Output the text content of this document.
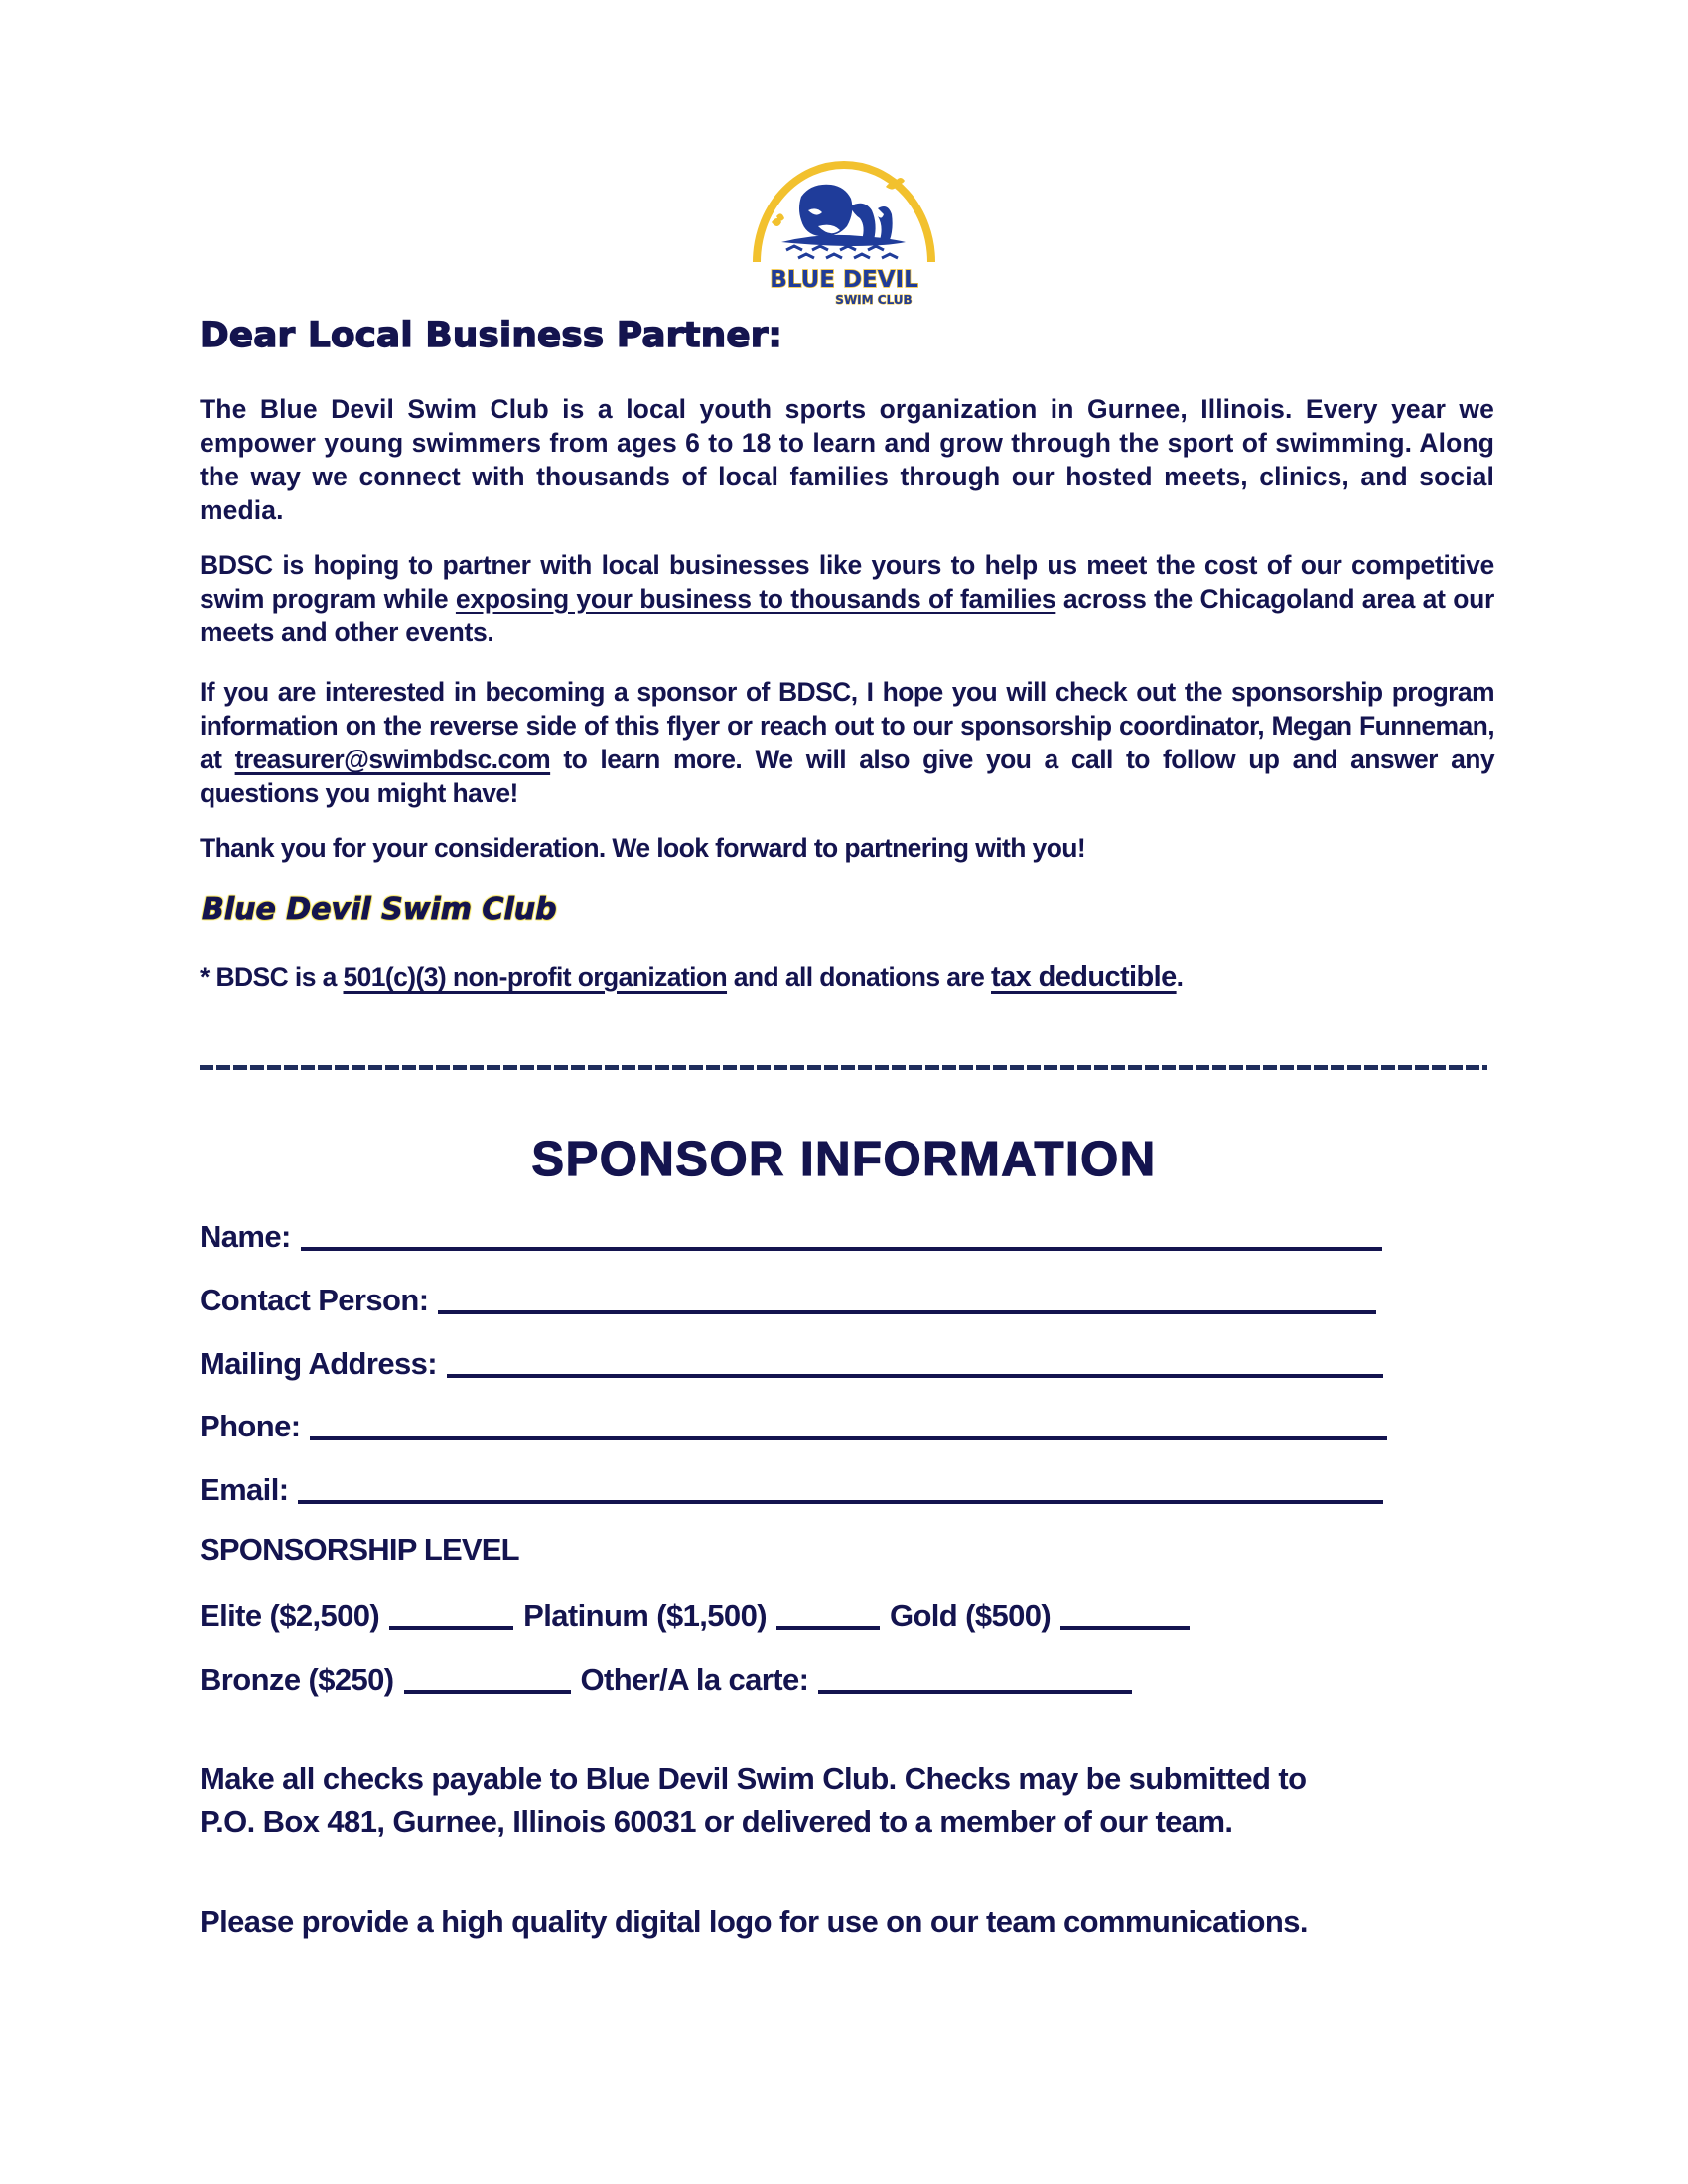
BLUE DEVIL
SWIM CLUB
Dear Local Business Partner:

The Blue Devil Swim Club is a local youth sports organization in Gurnee, Illinois. Every year we empower young swimmers from ages 6 to 18 to learn and grow through the sport of swimming. Along the way we connect with thousands of local families through our hosted meets, clinics, and social media.

BDSC is hoping to partner with local businesses like yours to help us meet the cost of our competitive swim program while exposing your business to thousands of families across the Chicagoland area at our meets and other events.

If you are interested in becoming a sponsor of BDSC, I hope you will check out the sponsorship program information on the reverse side of this flyer or reach out to our sponsorship coordinator, Megan Funneman, at treasurer@swimbdsc.com to learn more. We will also give you a call to follow up and answer any questions you might have!

Thank you for your consideration. We look forward to partnering with you!
Blue Devil Swim Club
* BDSC is a 501(c)(3) non-profit organization and all donations are tax deductible.
SPONSOR INFORMATION
Name:
Contact Person:
Mailing Address:
Phone:
Email:
SPONSORSHIP LEVEL
Elite ($2,500)	Platinum ($1,500)	Gold ($500)
Bronze ($250)	Other/A la carte:
Make all checks payable to Blue Devil Swim Club. Checks may be submitted to
P.O. Box 481, Gurnee, Illinois 60031 or delivered to a member of our team.
Please provide a high quality digital logo for use on our team communications.
